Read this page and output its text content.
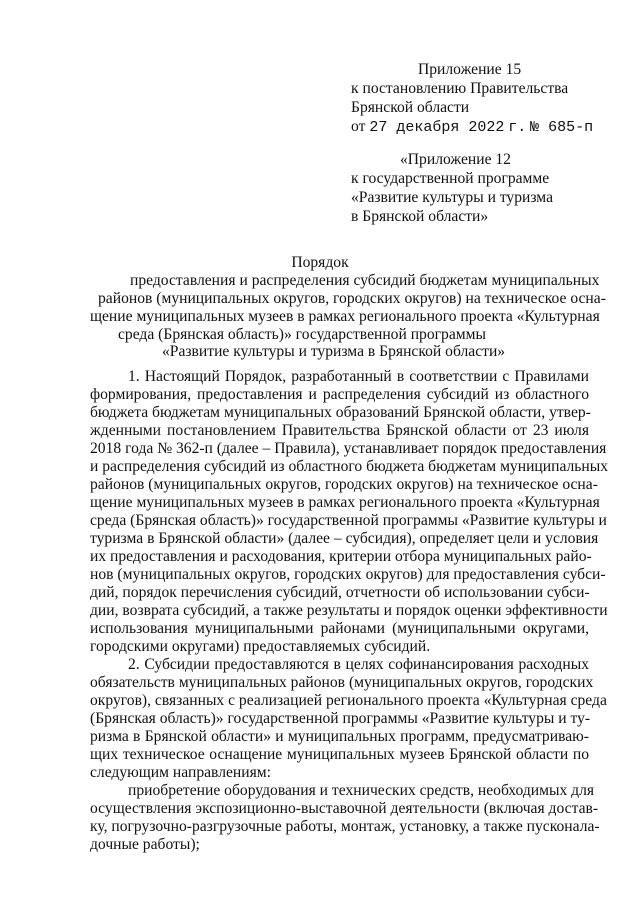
Приложение 15
к постановлению Правительства
Брянской области
от 27 декабря 2022 г. № 685-п
«Приложение 12
к государственной программе
«Развитие культуры и туризма
в Брянской области»
Порядок
предоставления и распределения субсидий бюджетам муниципальных
районов (муниципальных округов, городских округов) на техническое осна-
щение муниципальных музеев в рамках регионального проекта «Культурная
среда (Брянская область)» государственной программы
«Развитие культуры и туризма в Брянской области»
1. Настоящий Порядок, разработанный в соответствии с Правилами
формирования, предоставления и распределения субсидий из областного
бюджета бюджетам муниципальных образований Брянской области, утвер-
жденными постановлением Правительства Брянской области от 23 июля
2018 года № 362-п (далее – Правила), устанавливает порядок предоставления
и распределения субсидий из областного бюджета бюджетам муниципальных
районов (муниципальных округов, городских округов) на техническое осна-
щение муниципальных музеев в рамках регионального проекта «Культурная
среда (Брянская область)» государственной программы «Развитие культуры и
туризма в Брянской области» (далее – субсидия), определяет цели и условия
их предоставления и расходования, критерии отбора муниципальных райо-
нов (муниципальных округов, городских округов) для предоставления субси-
дий, порядок перечисления субсидий, отчетности об использовании субси-
дии, возврата субсидий, а также результаты и порядок оценки эффективности
использования муниципальными районами (муниципальными округами,
городскими округами) предоставляемых субсидий.
2. Субсидии предоставляются в целях софинансирования расходных
обязательств муниципальных районов (муниципальных округов, городских
округов), связанных с реализацией регионального проекта «Культурная среда
(Брянская область)» государственной программы «Развитие культуры и ту-
ризма в Брянской области» и муниципальных программ, предусматриваю-
щих техническое оснащение муниципальных музеев Брянской области по
следующим направлениям:
приобретение оборудования и технических средств, необходимых для
осуществления экспозиционно-выставочной деятельности (включая достав-
ку, погрузочно-разгрузочные работы, монтаж, установку, а также пусконала-
дочные работы);
